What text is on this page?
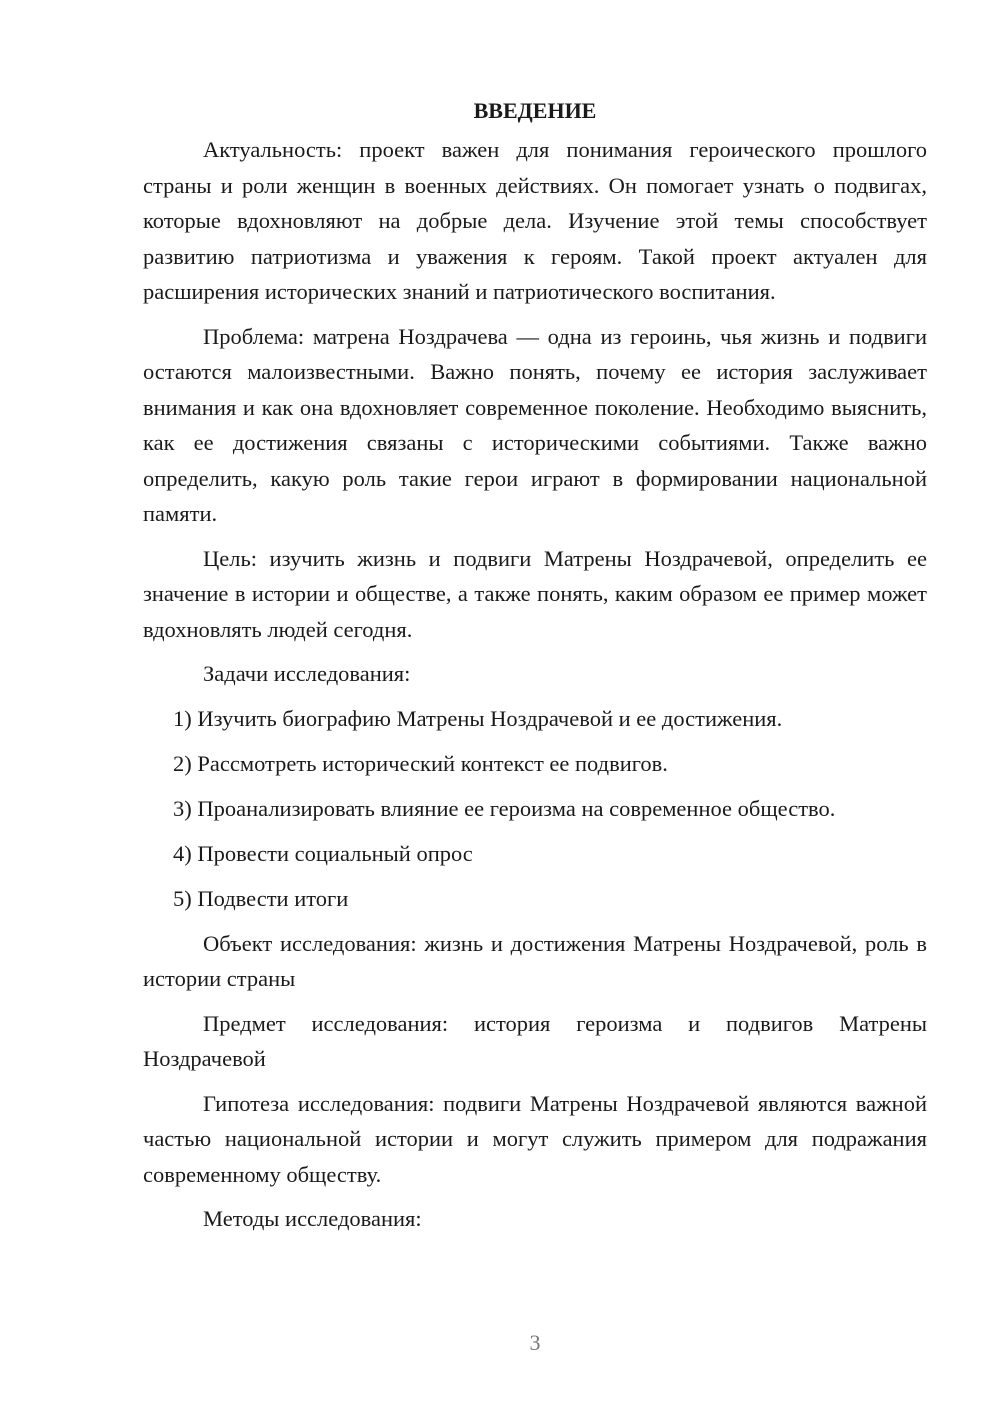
ВВЕДЕНИЕ

Актуальность: проект важен для понимания героического прошлого страны и роли женщин в военных действиях. Он помогает узнать о подвигах, которые вдохновляют на добрые дела. Изучение этой темы способствует развитию патриотизма и уважения к героям. Такой проект актуален для расширения исторических знаний и патриотического воспитания.

Проблема: матрена Ноздрачева — одна из героинь, чья жизнь и подвиги остаются малоизвестными. Важно понять, почему ее история заслуживает внимания и как она вдохновляет современное поколение. Необходимо выяснить, как ее достижения связаны с историческими событиями. Также важно определить, какую роль такие герои играют в формировании национальной памяти.

Цель: изучить жизнь и подвиги Матрены Ноздрачевой, определить ее значение в истории и обществе, а также понять, каким образом ее пример может вдохновлять людей сегодня.

Задачи исследования:

1) Изучить биографию Матрены Ноздрачевой и ее достижения.
2) Рассмотреть исторический контекст ее подвигов.
3) Проанализировать влияние ее героизма на современное общество.
4) Провести социальный опрос
5) Подвести итоги

Объект исследования: жизнь и достижения Матрены Ноздрачевой, роль в истории страны

Предмет исследования: история героизма и подвигов Матрены Ноздрачевой

Гипотеза исследования: подвиги Матрены Ноздрачевой являются важной частью национальной истории и могут служить примером для подражания современному обществу.

Методы исследования:

3
